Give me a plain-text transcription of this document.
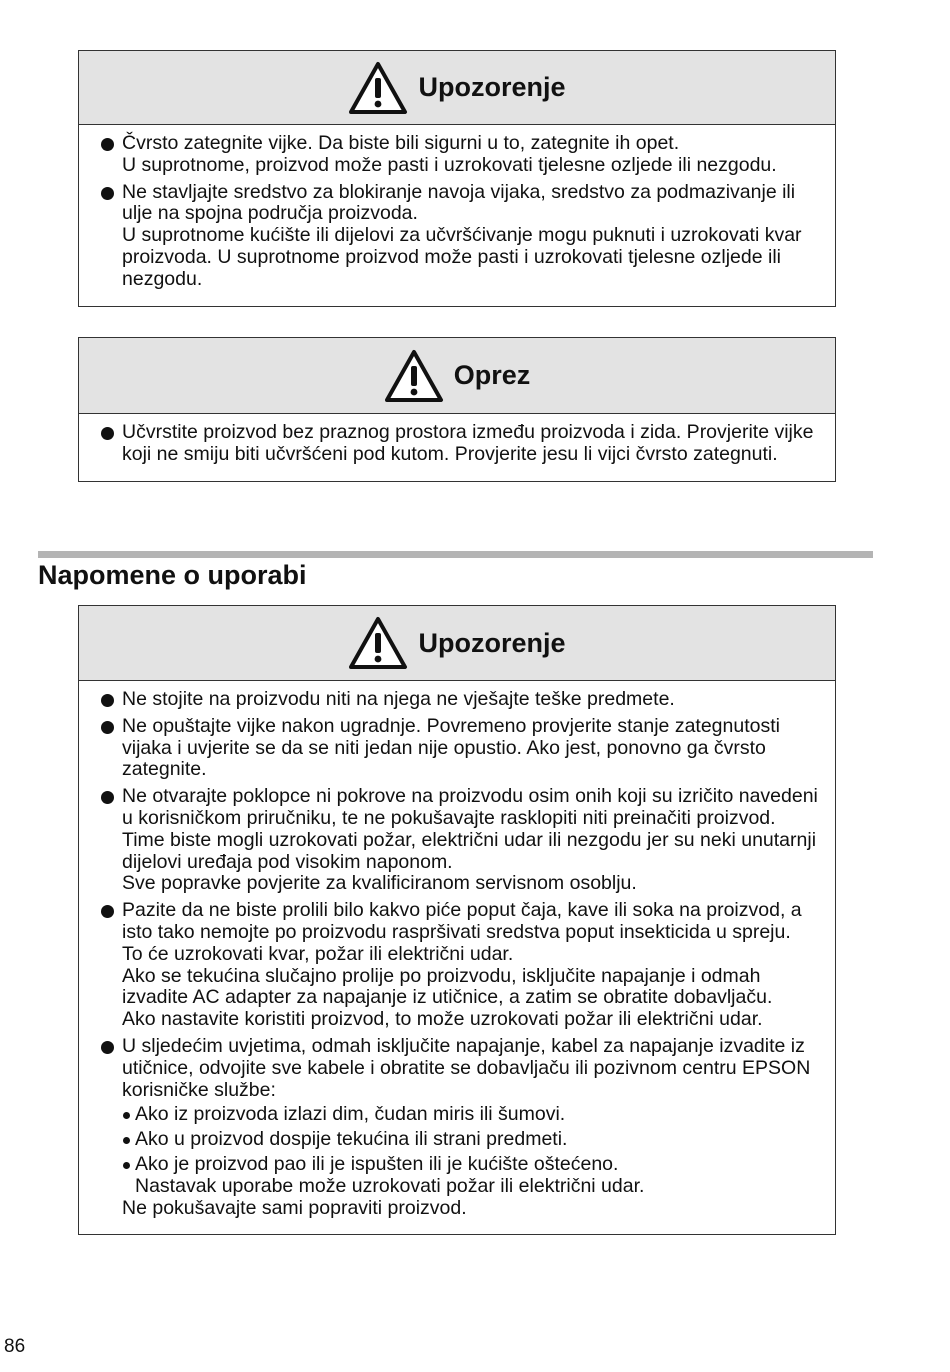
Upozorenje

Čvrsto zategnite vijke. Da biste bili sigurni u to, zategnite ih opet.

U suprotnome, proizvod može pasti i uzrokovati tjelesne ozljede ili nezgodu.

Ne stavljajte sredstvo za blokiranje navoja vijaka, sredstvo za podmazivanje ili ulje na spojna područja proizvoda.

U suprotnome kućište ili dijelovi za učvršćivanje mogu puknuti i uzrokovati kvar proizvoda. U suprotnome proizvod može pasti i uzrokovati tjelesne ozljede ili nezgodu.

Oprez

Učvrstite proizvod bez praznog prostora između proizvoda i zida. Provjerite vijke koji ne smiju biti učvršćeni pod kutom. Provjerite jesu li vijci čvrsto zategnuti.

Napomene o uporabi
Upozorenje

Ne stojite na proizvodu niti na njega ne vješajte teške predmete.

Ne opuštajte vijke nakon ugradnje. Povremeno provjerite stanje zategnutosti vijaka i uvjerite se da se niti jedan nije opustio. Ako jest, ponovno ga čvrsto zategnite.

Ne otvarajte poklopce ni pokrove na proizvodu osim onih koji su izričito navedeni u korisničkom priručniku, te ne pokušavajte rasklopiti niti preinačiti proizvod.

Time biste mogli uzrokovati požar, električni udar ili nezgodu jer su neki unutarnji dijelovi uređaja pod visokim naponom.

Sve popravke povjerite za kvalificiranom servisnom osoblju.

Pazite da ne biste prolili bilo kakvo piće poput čaja, kave ili soka na proizvod, a isto tako nemojte po proizvodu raspršivati sredstva poput insekticida u spreju.

To će uzrokovati kvar, požar ili električni udar.

Ako se tekućina slučajno prolije po proizvodu, isključite napajanje i odmah izvadite AC adapter za napajanje iz utičnice, a zatim se obratite dobavljaču.

Ako nastavite koristiti proizvod, to može uzrokovati požar ili električni udar.

U sljedećim uvjetima, odmah isključite napajanje, kabel za napajanje izvadite iz utičnice, odvojite sve kabele i obratite se dobavljaču ili pozivnom centru EPSON korisničke službe:

Ako iz proizvoda izlazi dim, čudan miris ili šumovi.

Ako u proizvod dospije tekućina ili strani predmeti.

Ako je proizvod pao ili je ispušten ili je kućište oštećeno.

Nastavak uporabe može uzrokovati požar ili električni udar.

Ne pokušavajte sami popraviti proizvod.

86
